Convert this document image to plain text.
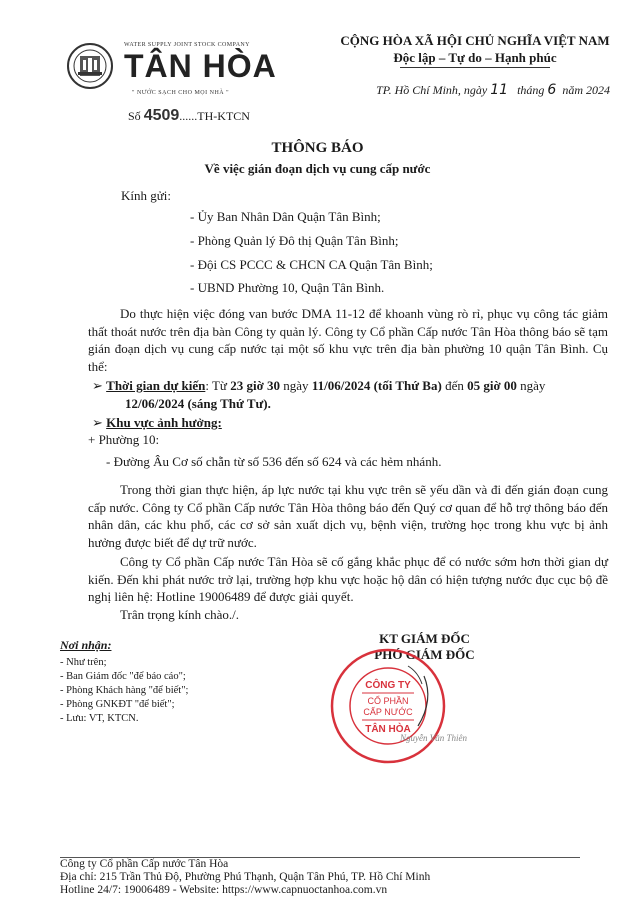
WATER SUPPLY JOINT STOCK COMPANY
TÂN HÒA
" NƯỚC SẠCH CHO MỌI NHÀ "
Số 4509......TH-KTCN
CỘNG HÒA XÃ HỘI CHỦ NGHĨA VIỆT NAM
Độc lập – Tự do – Hạnh phúc
TP. Hồ Chí Minh, ngày 11 tháng 6 năm 2024
THÔNG BÁO
Về việc gián đoạn dịch vụ cung cấp nước
Kính gửi:
- Ủy Ban Nhân Dân Quận Tân Bình;
- Phòng Quản lý Đô thị Quận Tân Bình;
- Đội CS PCCC & CHCN CA Quận Tân Bình;
- UBND Phường 10, Quận Tân Bình.
Do thực hiện việc đóng van bước DMA 11-12 để khoanh vùng rò rỉ, phục vụ công tác giảm thất thoát nước trên địa bàn Công ty quản lý. Công ty Cổ phần Cấp nước Tân Hòa thông báo sẽ tạm gián đoạn dịch vụ cung cấp nước tại một số khu vực trên địa bàn phường 10 quận Tân Bình. Cụ thể:
➢ Thời gian dự kiến: Từ 23 giờ 30 ngày 11/06/2024 (tối Thứ Ba) đến 05 giờ 00 ngày
12/06/2024 (sáng Thứ Tư).
➢ Khu vực ảnh hưởng:
+ Phường 10:
- Đường Âu Cơ số chẵn từ số 536 đến số 624 và các hẻm nhánh.
Trong thời gian thực hiện, áp lực nước tại khu vực trên sẽ yếu dần và đi đến gián đoạn cung cấp nước. Công ty Cổ phần Cấp nước Tân Hòa thông báo đến Quý cơ quan để hỗ trợ thông báo đến nhân dân, các khu phố, các cơ sở sản xuất dịch vụ, bệnh viện, trường học trong khu vực bị ảnh hưởng được biết để dự trữ nước.
Công ty Cổ phần Cấp nước Tân Hòa sẽ cố gắng khắc phục để có nước sớm hơn thời gian dự kiến. Đến khi phát nước trở lại, trường hợp khu vực hoặc hộ dân có hiện tượng nước đục cục bộ đề nghị liên hệ: Hotline 19006489 để được giải quyết.
Trân trọng kính chào./.
Nơi nhận:
- Như trên;
- Ban Giám đốc "để báo cáo";
- Phòng Khách hàng "để biết";
- Phòng GNKĐT "để biết";
- Lưu: VT, KTCN.
KT GIÁM ĐỐC
PHÓ GIÁM ĐỐC
CÔNG TY
CỔ PHẦN
CẤP NƯỚC
TÂN HÒA
Nguyễn Văn Thiên
Công ty Cổ phần Cấp nước Tân Hòa
Địa chỉ: 215 Trần Thủ Độ, Phường Phú Thạnh, Quận Tân Phú, TP. Hồ Chí Minh
Hotline 24/7: 19006489 - Website: https://www.capnuoctanhoa.com.vn
